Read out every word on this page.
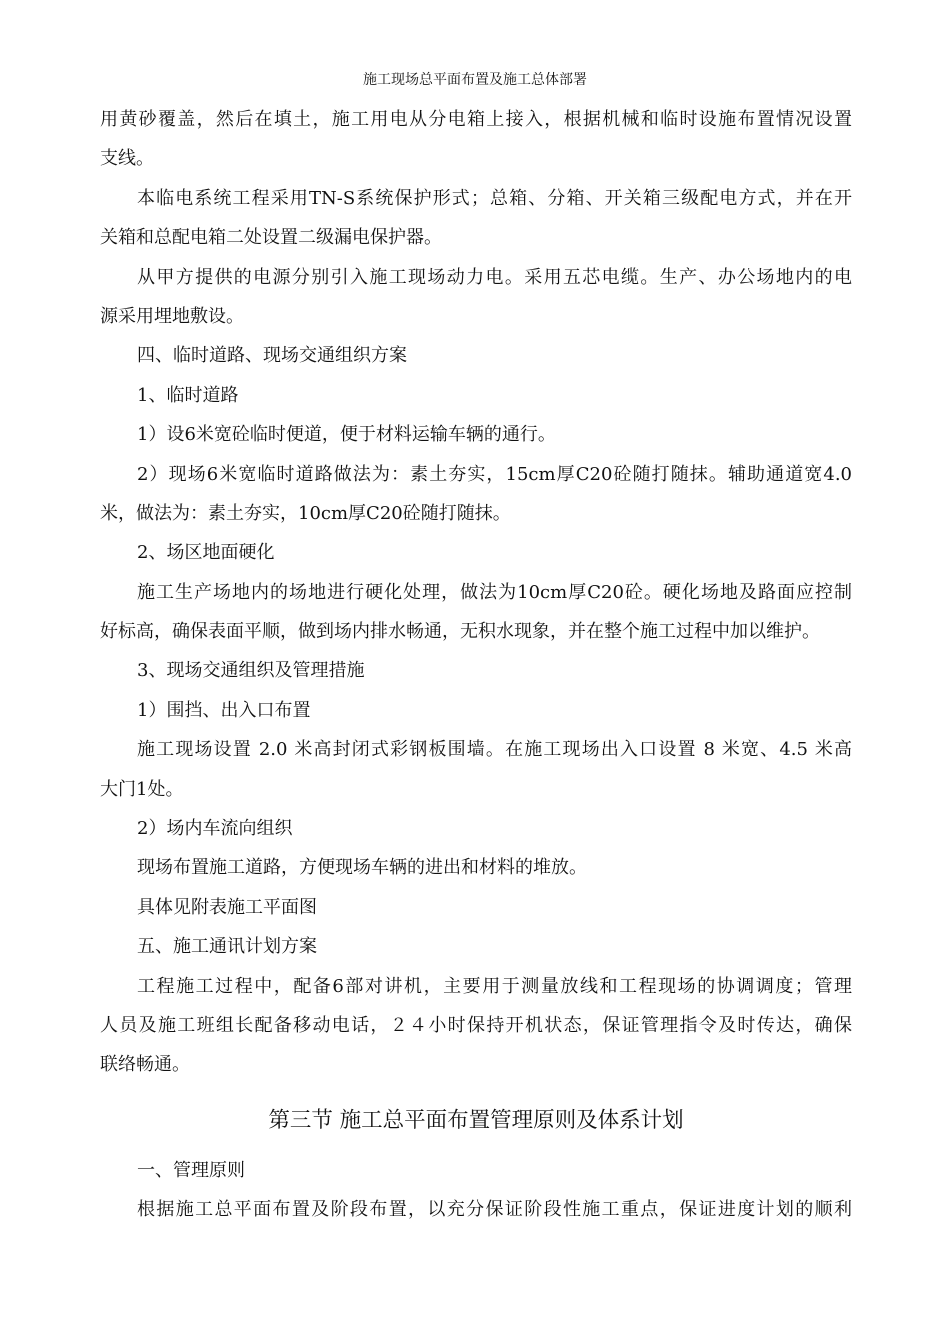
施工现场总平面布置及施工总体部署
用黄砂覆盖，然后在填土，施工用电从分电箱上接入，根据机械和临时设施布置情况设置
支线。
本临电系统工程采用TN-S系统保护形式；总箱、分箱、开关箱三级配电方式，并在开
关箱和总配电箱二处设置二级漏电保护器。
从甲方提供的电源分别引入施工现场动力电。采用五芯电缆。生产、办公场地内的电
源采用埋地敷设。
四、临时道路、现场交通组织方案
1、临时道路
1）设6米宽砼临时便道，便于材料运输车辆的通行。
2）现场6米宽临时道路做法为：素土夯实，15cm厚C20砼随打随抹。辅助通道宽4.0
米，做法为：素土夯实，10cm厚C20砼随打随抹。
2、场区地面硬化
施工生产场地内的场地进行硬化处理，做法为10cm厚C20砼。硬化场地及路面应控制
好标高，确保表面平顺，做到场内排水畅通，无积水现象，并在整个施工过程中加以维护。
3、现场交通组织及管理措施
1）围挡、出入口布置
施工现场设置 2.0 米高封闭式彩钢板围墙。在施工现场出入口设置 8 米宽、4.5 米高
大门1处。
2）场内车流向组织
现场布置施工道路，方便现场车辆的进出和材料的堆放。
具体见附表施工平面图
五、施工通讯计划方案
工程施工过程中，配备6部对讲机，主要用于测量放线和工程现场的协调调度；管理
人员及施工班组长配备移动电话，２４小时保持开机状态，保证管理指令及时传达，确保
联络畅通。
第三节 施工总平面布置管理原则及体系计划
一、管理原则
根据施工总平面布置及阶段布置，以充分保证阶段性施工重点，保证进度计划的顺利
